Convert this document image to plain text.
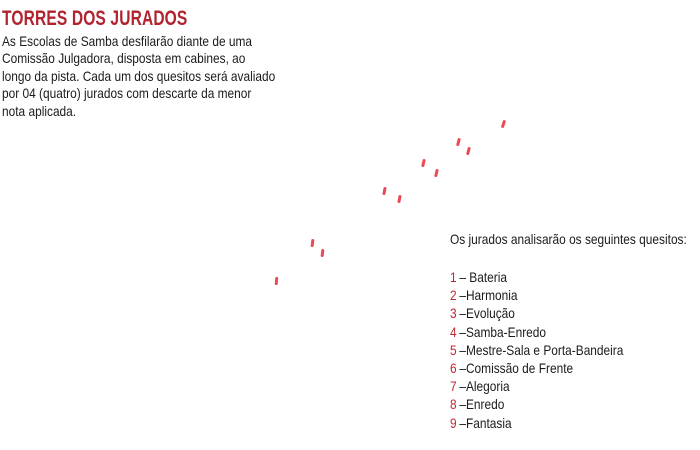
TORRES DOS JURADOS
As Escolas de Samba desfilarão diante de uma
Comissão Julgadora, disposta em cabines, ao
longo da pista. Cada um dos quesitos será avaliado
por 04 (quatro) jurados com descarte da menor
nota aplicada.
Os jurados analisarão os seguintes quesitos:
1 – Bateria
2 –Harmonia
3 –Evolução
4 –Samba-Enredo
5 –Mestre-Sala e Porta-Bandeira
6 –Comissão de Frente
7 –Alegoria
8 –Enredo
9 –Fantasia
